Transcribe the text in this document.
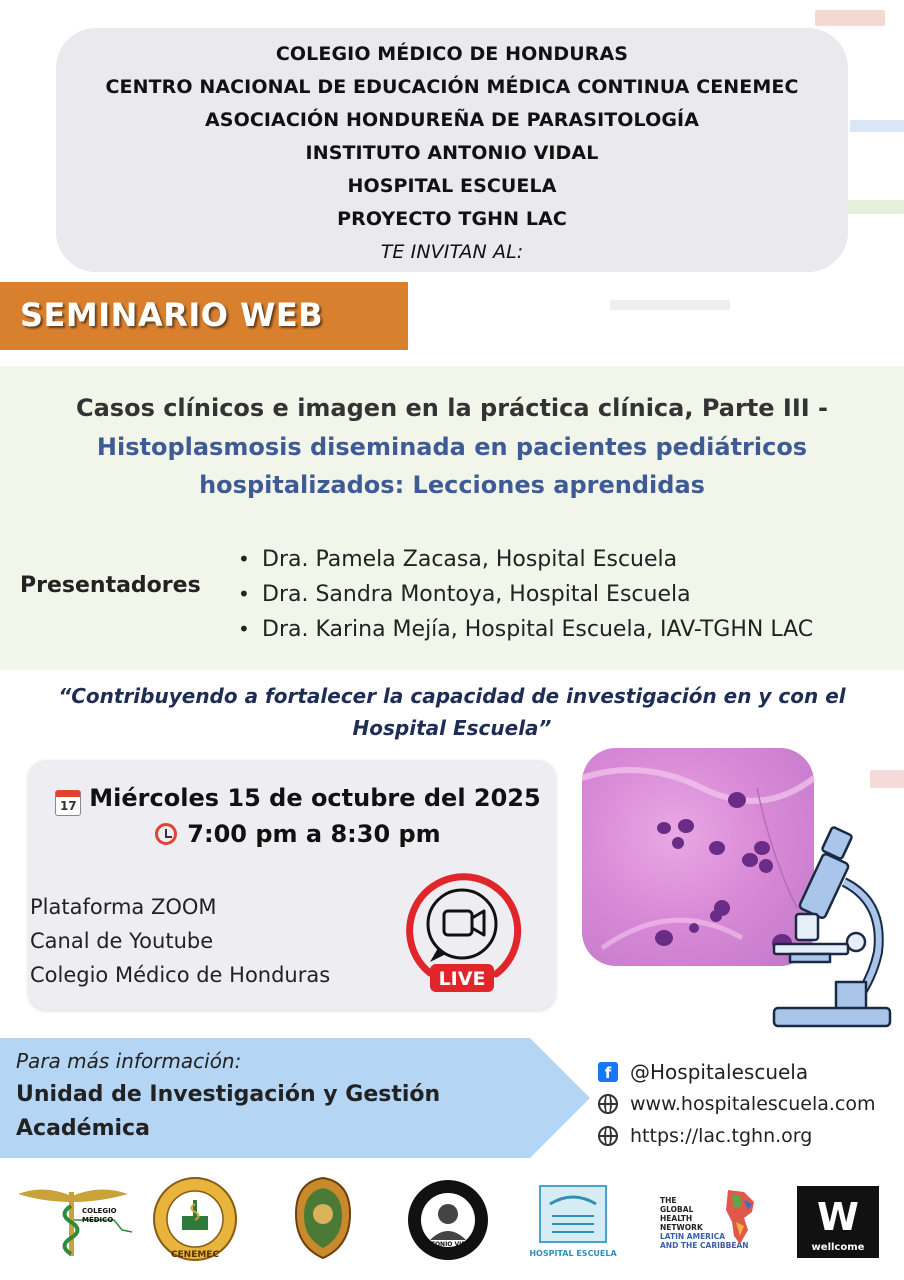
COLEGIO MÉDICO DE HONDURAS
CENTRO NACIONAL DE EDUCACIÓN MÉDICA CONTINUA CENEMEC
ASOCIACIÓN HONDUREÑA DE PARASITOLOGÍA
INSTITUTO ANTONIO VIDAL
HOSPITAL ESCUELA
PROYECTO TGHN LAC
TE INVITAN AL:
SEMINARIO WEB
Casos clínicos e imagen en la práctica clínica, Parte III -
Histoplasmosis diseminada en pacientes pediátricos hospitalizados: Lecciones aprendidas
Presentadores
• Dra. Pamela Zacasa, Hospital Escuela
• Dra. Sandra Montoya, Hospital Escuela
• Dra. Karina Mejía, Hospital Escuela, IAV-TGHN LAC
“Contribuyendo a fortalecer la capacidad de investigación en y con el Hospital Escuela”
17 Miércoles 15 de octubre del 2025
7:00 pm a 8:30 pm
Plataforma ZOOM
Canal de Youtube
Colegio Médico de Honduras	LIVE
Para más información:
Unidad de Investigación y Gestión Académica
f @Hospitalescuela
www.hospitalescuela.com
https://lac.tghn.org
COLEGIO
MÉDICO
CENEMEC
ANTONIO VIDAL
HOSPITAL ESCUELA
THE
GLOBAL
HEALTH
NETWORK
LATIN AMERICA
AND THE CARIBBEAN
W
wellcome
